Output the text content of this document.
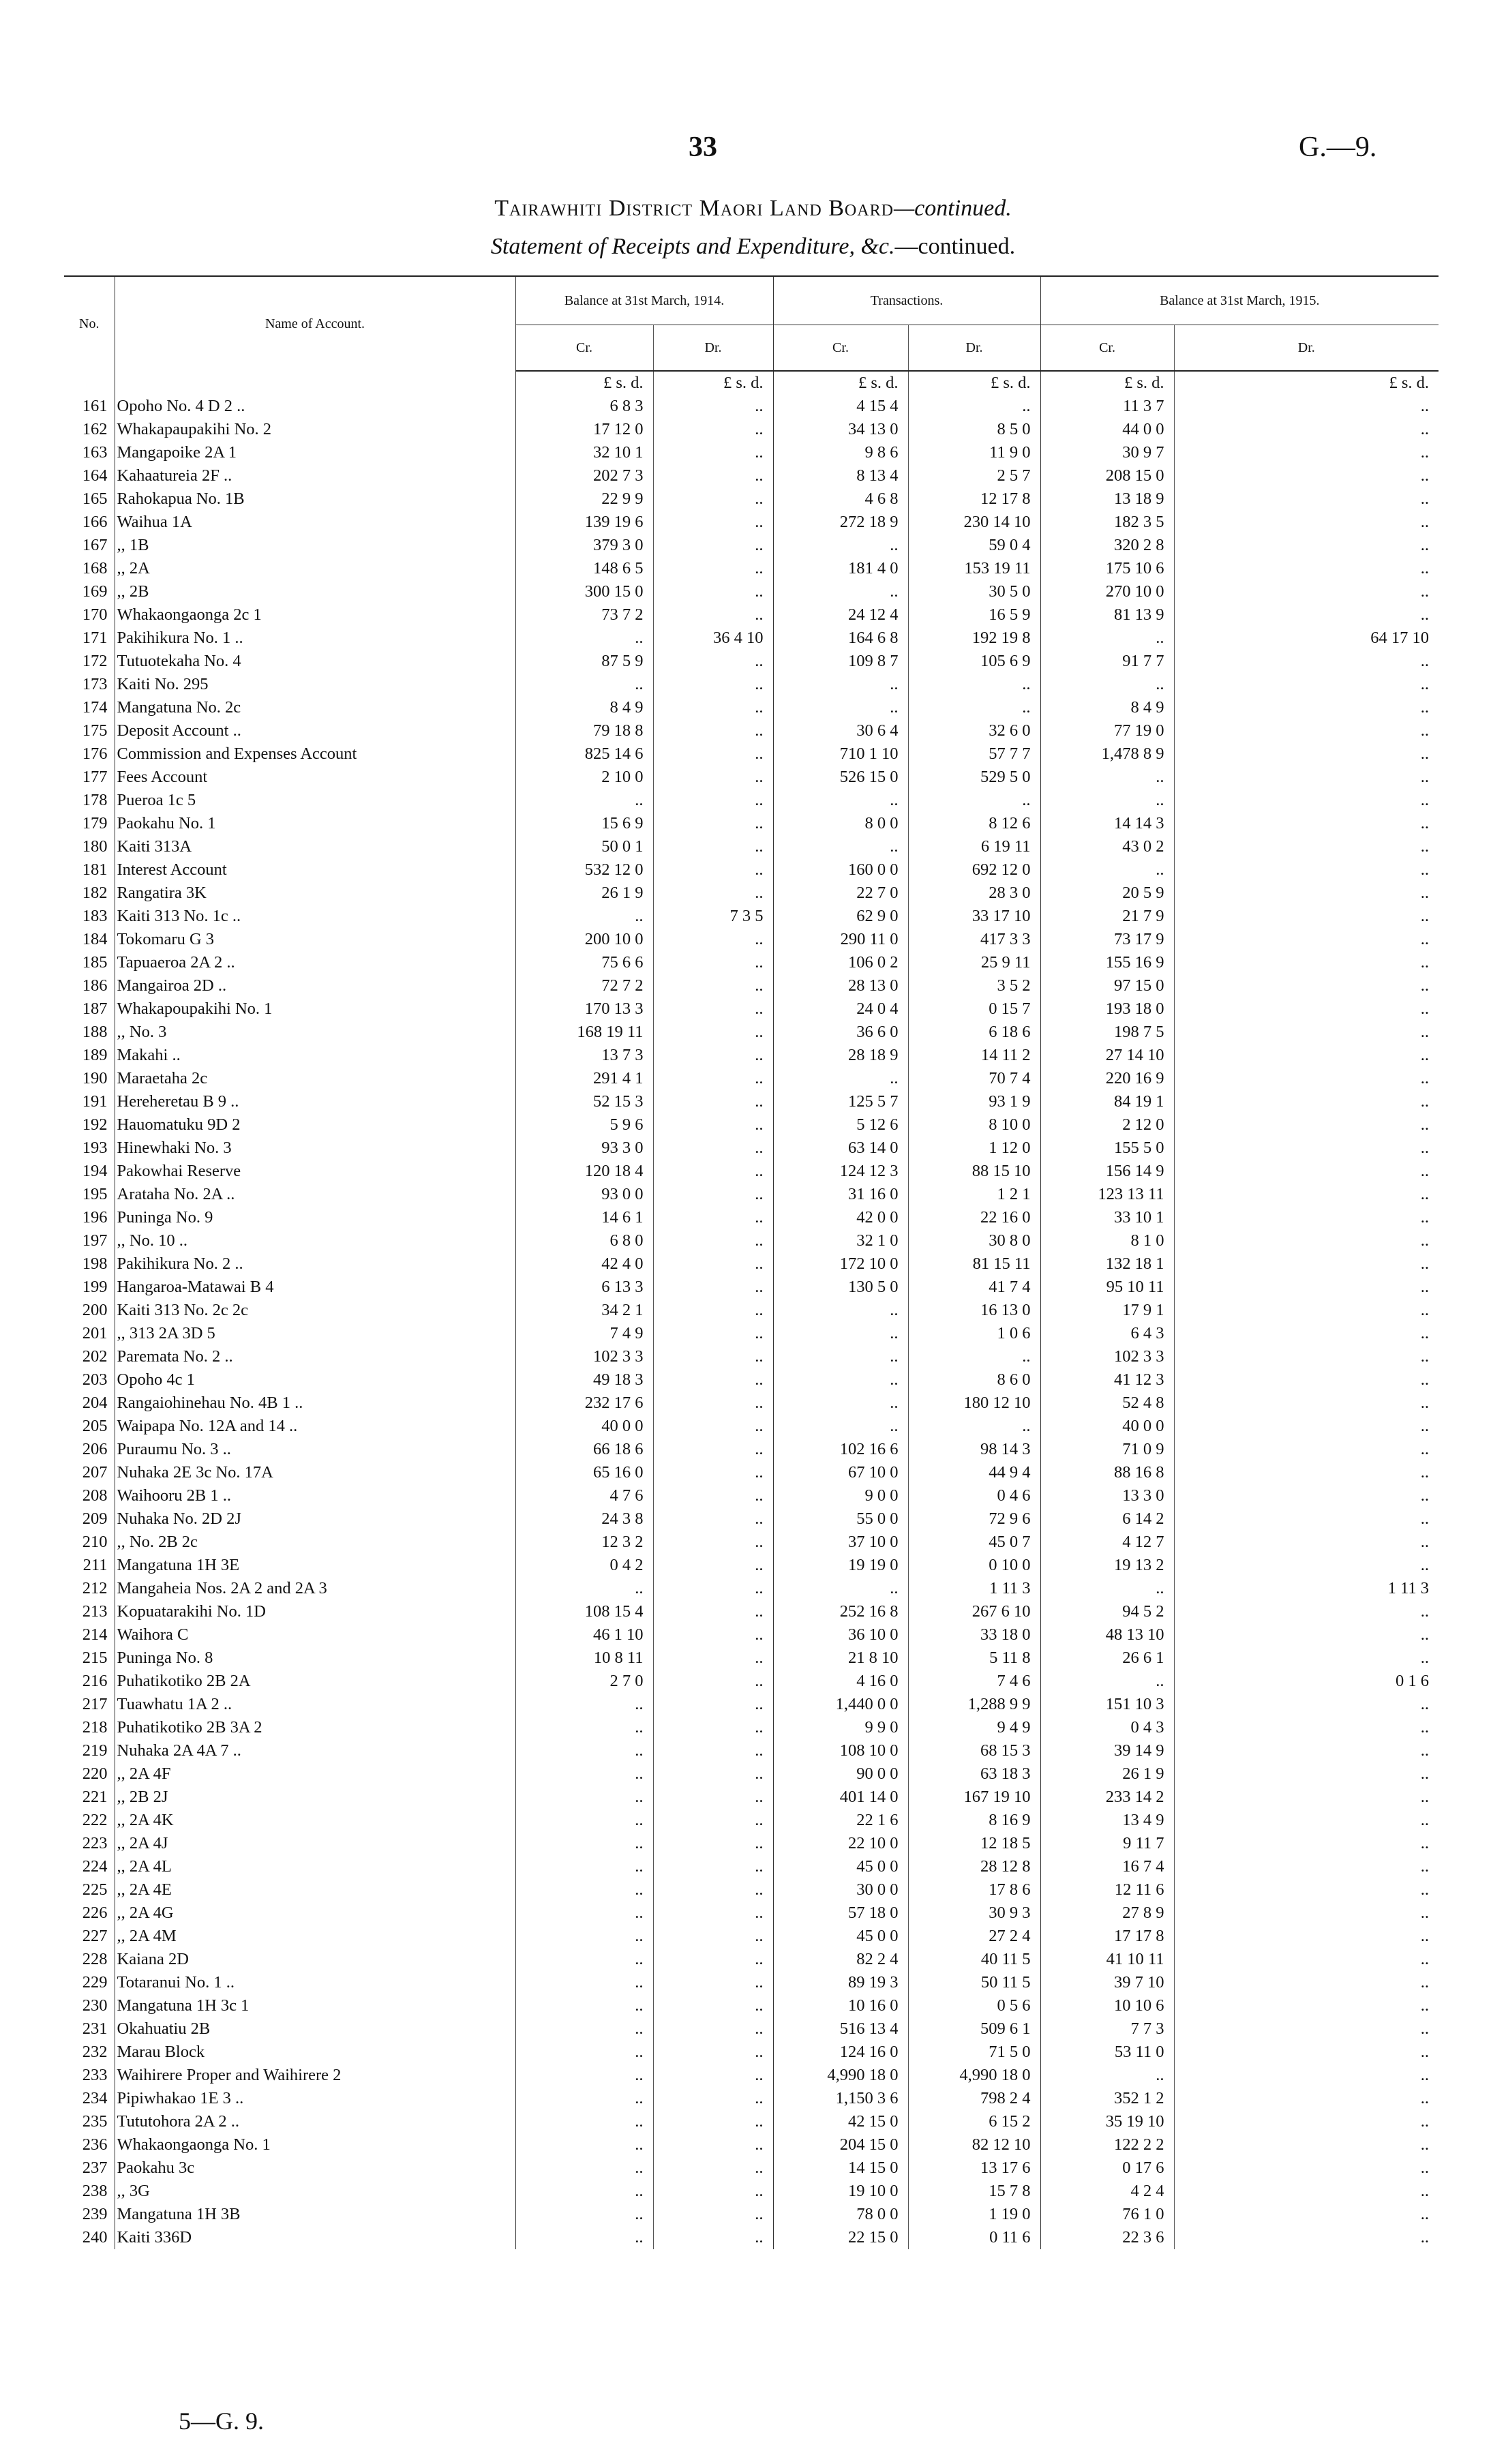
33	G.—9.
Tairawhiti District Maori Land Board—continued.
Statement of Receipts and Expenditure, &c.—continued.
No.	Name of Account.	Balance at 31st March, 1914.		Transactions.		Balance at 31st March, 1915.	
		Cr.	Dr.	Cr.	Dr.	Cr.	Dr.
		£ s. d.	£ s. d.	£ s. d.	£ s. d.	£ s. d.	£ s. d.
161	Opoho No. 4 D 2 ..	6 8 3	..	4 15 4	..	11 3 7	..
162	Whakapaupakihi No. 2	17 12 0	..	34 13 0	8 5 0	44 0 0	..
163	Mangapoike 2A 1	32 10 1	..	9 8 6	11 9 0	30 9 7	..
164	Kahaatureia 2F ..	202 7 3	..	8 13 4	2 5 7	208 15 0	..
165	Rahokapua No. 1B	22 9 9	..	4 6 8	12 17 8	13 18 9	..
166	Waihua 1A	139 19 6	..	272 18 9	230 14 10	182 3 5	..
167	,, 1B	379 3 0	..	..	59 0 4	320 2 8	..
168	,, 2A	148 6 5	..	181 4 0	153 19 11	175 10 6	..
169	,, 2B	300 15 0	..	..	30 5 0	270 10 0	..
170	Whakaongaonga 2c 1	73 7 2	..	24 12 4	16 5 9	81 13 9	..
171	Pakihikura No. 1 ..	..	36 4 10	164 6 8	192 19 8	..	64 17 10
172	Tutuotekaha No. 4	87 5 9	..	109 8 7	105 6 9	91 7 7	..
173	Kaiti No. 295	..	..	..	..	..	..
174	Mangatuna No. 2c	8 4 9	..	..	..	8 4 9	..
175	Deposit Account ..	79 18 8	..	30 6 4	32 6 0	77 19 0	..
176	Commission and Expenses Account	825 14 6	..	710 1 10	57 7 7	1,478 8 9	..
177	Fees Account	2 10 0	..	526 15 0	529 5 0	..	..
178	Pueroa 1c 5	..	..	..	..	..	..
179	Paokahu No. 1	15 6 9	..	8 0 0	8 12 6	14 14 3	..
180	Kaiti 313A	50 0 1	..	..	6 19 11	43 0 2	..
181	Interest Account	532 12 0	..	160 0 0	692 12 0	..	..
182	Rangatira 3K	26 1 9	..	22 7 0	28 3 0	20 5 9	..
183	Kaiti 313 No. 1c ..	..	7 3 5	62 9 0	33 17 10	21 7 9	..
184	Tokomaru G 3	200 10 0	..	290 11 0	417 3 3	73 17 9	..
185	Tapuaeroa 2A 2 ..	75 6 6	..	106 0 2	25 9 11	155 16 9	..
186	Mangairoa 2D ..	72 7 2	..	28 13 0	3 5 2	97 15 0	..
187	Whakapoupakihi No. 1	170 13 3	..	24 0 4	0 15 7	193 18 0	..
188	,, No. 3	168 19 11	..	36 6 0	6 18 6	198 7 5	..
189	Makahi ..	13 7 3	..	28 18 9	14 11 2	27 14 10	..
190	Maraetaha 2c	291 4 1	..	..	70 7 4	220 16 9	..
191	Hereheretau B 9 ..	52 15 3	..	125 5 7	93 1 9	84 19 1	..
192	Hauomatuku 9D 2	5 9 6	..	5 12 6	8 10 0	2 12 0	..
193	Hinewhaki No. 3	93 3 0	..	63 14 0	1 12 0	155 5 0	..
194	Pakowhai Reserve	120 18 4	..	124 12 3	88 15 10	156 14 9	..
195	Arataha No. 2A ..	93 0 0	..	31 16 0	1 2 1	123 13 11	..
196	Puninga No. 9	14 6 1	..	42 0 0	22 16 0	33 10 1	..
197	,, No. 10 ..	6 8 0	..	32 1 0	30 8 0	8 1 0	..
198	Pakihikura No. 2 ..	42 4 0	..	172 10 0	81 15 11	132 18 1	..
199	Hangaroa-Matawai B 4	6 13 3	..	130 5 0	41 7 4	95 10 11	..
200	Kaiti 313 No. 2c 2c	34 2 1	..	..	16 13 0	17 9 1	..
201	,, 313 2A 3D 5	7 4 9	..	..	1 0 6	6 4 3	..
202	Paremata No. 2 ..	102 3 3	..	..	..	102 3 3	..
203	Opoho 4c 1	49 18 3	..	..	8 6 0	41 12 3	..
204	Rangaiohinehau No. 4B 1 ..	232 17 6	..	..	180 12 10	52 4 8	..
205	Waipapa No. 12A and 14 ..	40 0 0	..	..	..	40 0 0	..
206	Puraumu No. 3 ..	66 18 6	..	102 16 6	98 14 3	71 0 9	..
207	Nuhaka 2E 3c No. 17A	65 16 0	..	67 10 0	44 9 4	88 16 8	..
208	Waihooru 2B 1 ..	4 7 6	..	9 0 0	0 4 6	13 3 0	..
209	Nuhaka No. 2D 2J	24 3 8	..	55 0 0	72 9 6	6 14 2	..
210	,, No. 2B 2c	12 3 2	..	37 10 0	45 0 7	4 12 7	..
211	Mangatuna 1H 3E	0 4 2	..	19 19 0	0 10 0	19 13 2	..
212	Mangaheia Nos. 2A 2 and 2A 3	..	..	..	1 11 3	..	1 11 3
213	Kopuatarakihi No. 1D	108 15 4	..	252 16 8	267 6 10	94 5 2	..
214	Waihora C	46 1 10	..	36 10 0	33 18 0	48 13 10	..
215	Puninga No. 8	10 8 11	..	21 8 10	5 11 8	26 6 1	..
216	Puhatikotiko 2B 2A	2 7 0	..	4 16 0	7 4 6	..	0 1 6
217	Tuawhatu 1A 2 ..	..	..	1,440 0 0	1,288 9 9	151 10 3	..
218	Puhatikotiko 2B 3A 2	..	..	9 9 0	9 4 9	0 4 3	..
219	Nuhaka 2A 4A 7 ..	..	..	108 10 0	68 15 3	39 14 9	..
220	,, 2A 4F	..	..	90 0 0	63 18 3	26 1 9	..
221	,, 2B 2J	..	..	401 14 0	167 19 10	233 14 2	..
222	,, 2A 4K	..	..	22 1 6	8 16 9	13 4 9	..
223	,, 2A 4J	..	..	22 10 0	12 18 5	9 11 7	..
224	,, 2A 4L	..	..	45 0 0	28 12 8	16 7 4	..
225	,, 2A 4E	..	..	30 0 0	17 8 6	12 11 6	..
226	,, 2A 4G	..	..	57 18 0	30 9 3	27 8 9	..
227	,, 2A 4M	..	..	45 0 0	27 2 4	17 17 8	..
228	Kaiana 2D	..	..	82 2 4	40 11 5	41 10 11	..
229	Totaranui No. 1 ..	..	..	89 19 3	50 11 5	39 7 10	..
230	Mangatuna 1H 3c 1	..	..	10 16 0	0 5 6	10 10 6	..
231	Okahuatiu 2B	..	..	516 13 4	509 6 1	7 7 3	..
232	Marau Block	..	..	124 16 0	71 5 0	53 11 0	..
233	Waihirere Proper and Waihirere 2	..	..	4,990 18 0	4,990 18 0	..	..
234	Pipiwhakao 1E 3 ..	..	..	1,150 3 6	798 2 4	352 1 2	..
235	Tututohora 2A 2 ..	..	..	42 15 0	6 15 2	35 19 10	..
236	Whakaongaonga No. 1	..	..	204 15 0	82 12 10	122 2 2	..
237	Paokahu 3c	..	..	14 15 0	13 17 6	0 17 6	..
238	,, 3G	..	..	19 10 0	15 7 8	4 2 4	..
239	Mangatuna 1H 3B	..	..	78 0 0	1 19 0	76 1 0	..
240	Kaiti 336D	..	..	22 15 0	0 11 6	22 3 6	..
5—G. 9.
